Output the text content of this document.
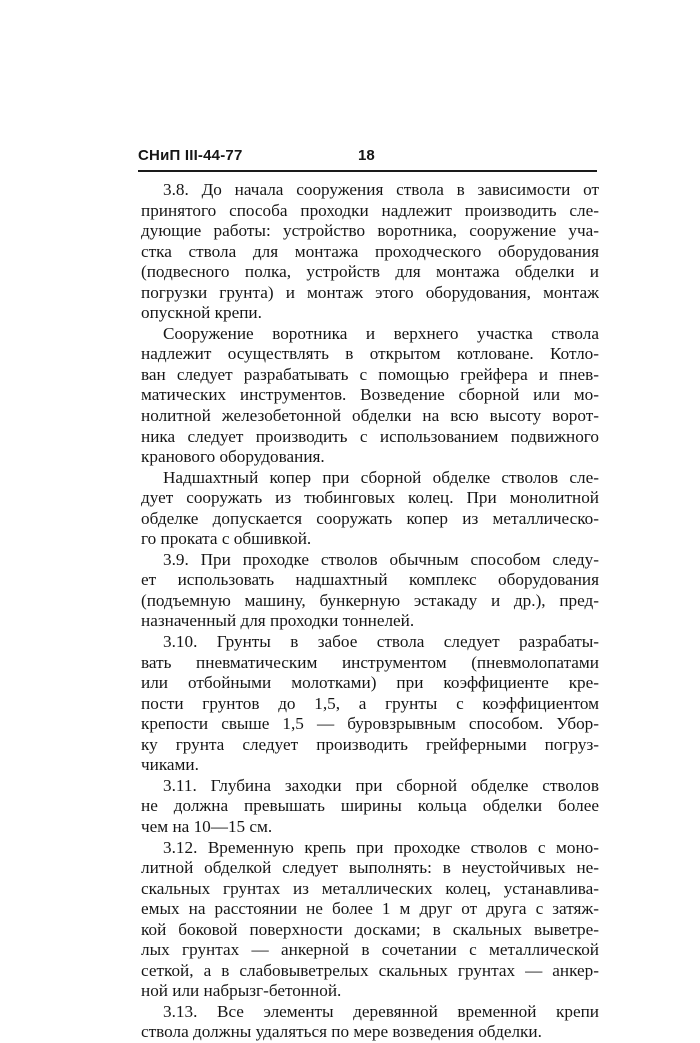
СНиП III-44-77	18
3.8. До начала сооружения ствола в зависимости от
принятого способа проходки надлежит производить сле-
дующие работы: устройство воротника, сооружение уча-
стка ствола для монтажа проходческого оборудования
(подвесного полка, устройств для монтажа обделки и
погрузки грунта) и монтаж этого оборудования, монтаж
опускной крепи.
Сооружение воротника и верхнего участка ствола
надлежит осуществлять в открытом котловане. Котло-
ван следует разрабатывать с помощью грейфера и пнев-
матических инструментов. Возведение сборной или мо-
нолитной железобетонной обделки на всю высоту ворот-
ника следует производить с использованием подвижного
кранового оборудования.
Надшахтный копер при сборной обделке стволов сле-
дует сооружать из тюбинговых колец. При монолитной
обделке допускается сооружать копер из металлическо-
го проката с обшивкой.
3.9. При проходке стволов обычным способом следу-
ет использовать надшахтный комплекс оборудования
(подъемную машину, бункерную эстакаду и др.), пред-
назначенный для проходки тоннелей.
3.10. Грунты в забое ствола следует разрабаты-
вать пневматическим инструментом (пневмолопатами
или отбойными молотками) при коэффициенте кре-
пости грунтов до 1,5, а грунты с коэффициентом
крепости свыше 1,5 — буровзрывным способом. Убор-
ку грунта следует производить грейферными погруз-
чиками.
3.11. Глубина заходки при сборной обделке стволов
не должна превышать ширины кольца обделки более
чем на 10—15 см.
3.12. Временную крепь при проходке стволов с моно-
литной обделкой следует выполнять: в неустойчивых не-
скальных грунтах из металлических колец, устанавлива-
емых на расстоянии не более 1 м друг от друга с затяж-
кой боковой поверхности досками; в скальных выветре-
лых грунтах — анкерной в сочетании с металлической
сеткой, а в слабовыветрелых скальных грунтах — анкер-
ной или набрызг-бетонной.
3.13. Все элементы деревянной временной крепи
ствола должны удаляться по мере возведения обделки.
